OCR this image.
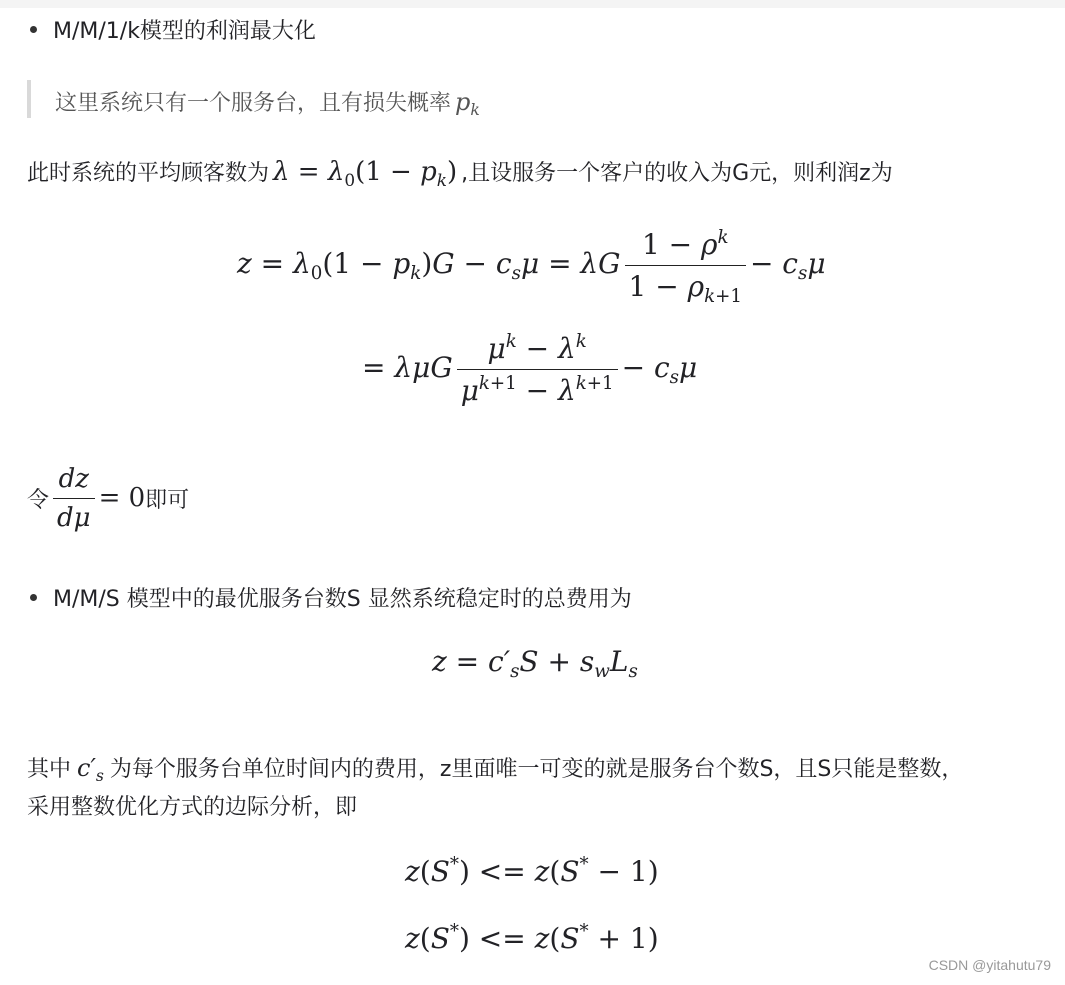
M/M/1/k模型的利润最大化
这里系统只有一个服务台，且有损失概率 $p_k$
此时系统的平均顾客数为 $\lambda = \lambda_0(1 - p_k)$ ,且设服务一个客户的收入为G元，则利润z为
$z = \lambda_0(1 - p_k)G - c_s\mu = \lambda G \frac{1 - \rho^k}{1 - \rho_{k+1}} - c_s\mu$
= λμG $\frac{\mu^k - \lambda^k}{\mu^{k+1} - \lambda^{k+1}} - c_s\mu$
令 $\frac{dz}{d\mu} = 0$即可
M/M/S 模型中的最优服务台数S 显然系统稳定时的总费用为
$z = c'_sS + s_wL_s$
其中 $c'_s$ 为每个服务台单位时间内的费用，z里面唯一可变的就是服务台个数S，且S只能是整数，
采用整数优化方式的边际分析，即
z(S*) <= z(S* − 1)
z(S*) <= z(S* + 1)
CSDN @yitahutu79
